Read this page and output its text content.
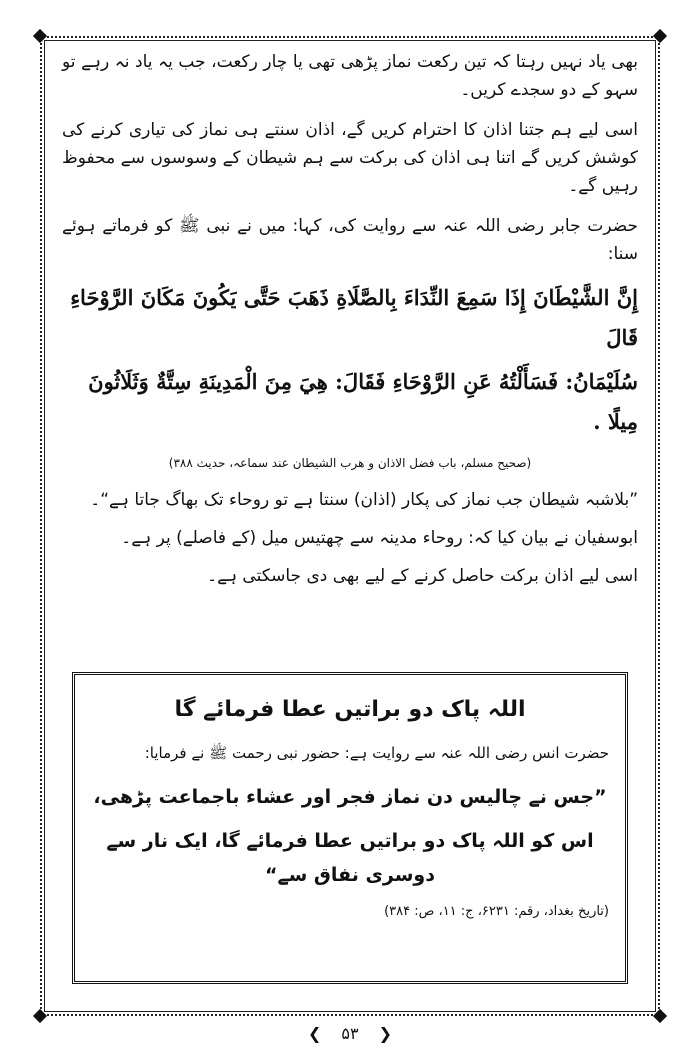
بھی یاد نہیں رہتا کہ تین رکعت نماز پڑھی تھی یا چار رکعت، جب یہ یاد نہ رہے تو سہو کے دو سجدے کریں۔

اسی لیے ہم جتنا اذان کا احترام کریں گے، اذان سنتے ہی نماز کی تیاری کرنے کی کوشش کریں گے اتنا ہی اذان کی برکت سے ہم شیطان کے وسوسوں سے محفوظ رہیں گے۔

حضرت جابر رضی اللہ عنہ سے روایت کی، کہا: میں نے نبی ﷺ کو فرماتے ہوئے سنا:

إِنَّ الشَّيْطَانَ إِذَا سَمِعَ النِّدَاءَ بِالصَّلَاةِ ذَهَبَ حَتَّى يَكُونَ مَكَانَ الرَّوْحَاءِ قَالَ

سُلَيْمَانُ: فَسَأَلْتُهُ عَنِ الرَّوْحَاءِ فَقَالَ: هِيَ مِنَ الْمَدِينَةِ سِتَّةٌ وَثَلَاثُونَ مِيلًا .

(صحیح مسلم، باب فضل الاذان و ھرب الشیطان عند سماعہ، حدیث ۳۸۸)

”بلاشبہ شیطان جب نماز کی پکار (اذان) سنتا ہے تو روحاء تک بھاگ جاتا ہے“۔

ابوسفیان نے بیان کیا کہ: روحاء مدینہ سے چھتیس میل (کے فاصلے) پر ہے۔

اسی لیے اذان برکت حاصل کرنے کے لیے بھی دی جاسکتی ہے۔

اللہ پاک دو براتیں عطا فرمائے گا
حضرت انس رضی اللہ عنہ سے روایت ہے: حضور نبی رحمت ﷺ نے فرمایا:
”جس نے چالیس دن نماز فجر اور عشاء باجماعت پڑھی،
اس کو اللہ پاک دو براتیں عطا فرمائے گا، ایک نار سے دوسری نفاق سے“
(تاریخ بغداد، رقم: ۶۲۳۱، ج: ۱۱، ص: ۳۸۴)
❮ ۵۳ ❯
